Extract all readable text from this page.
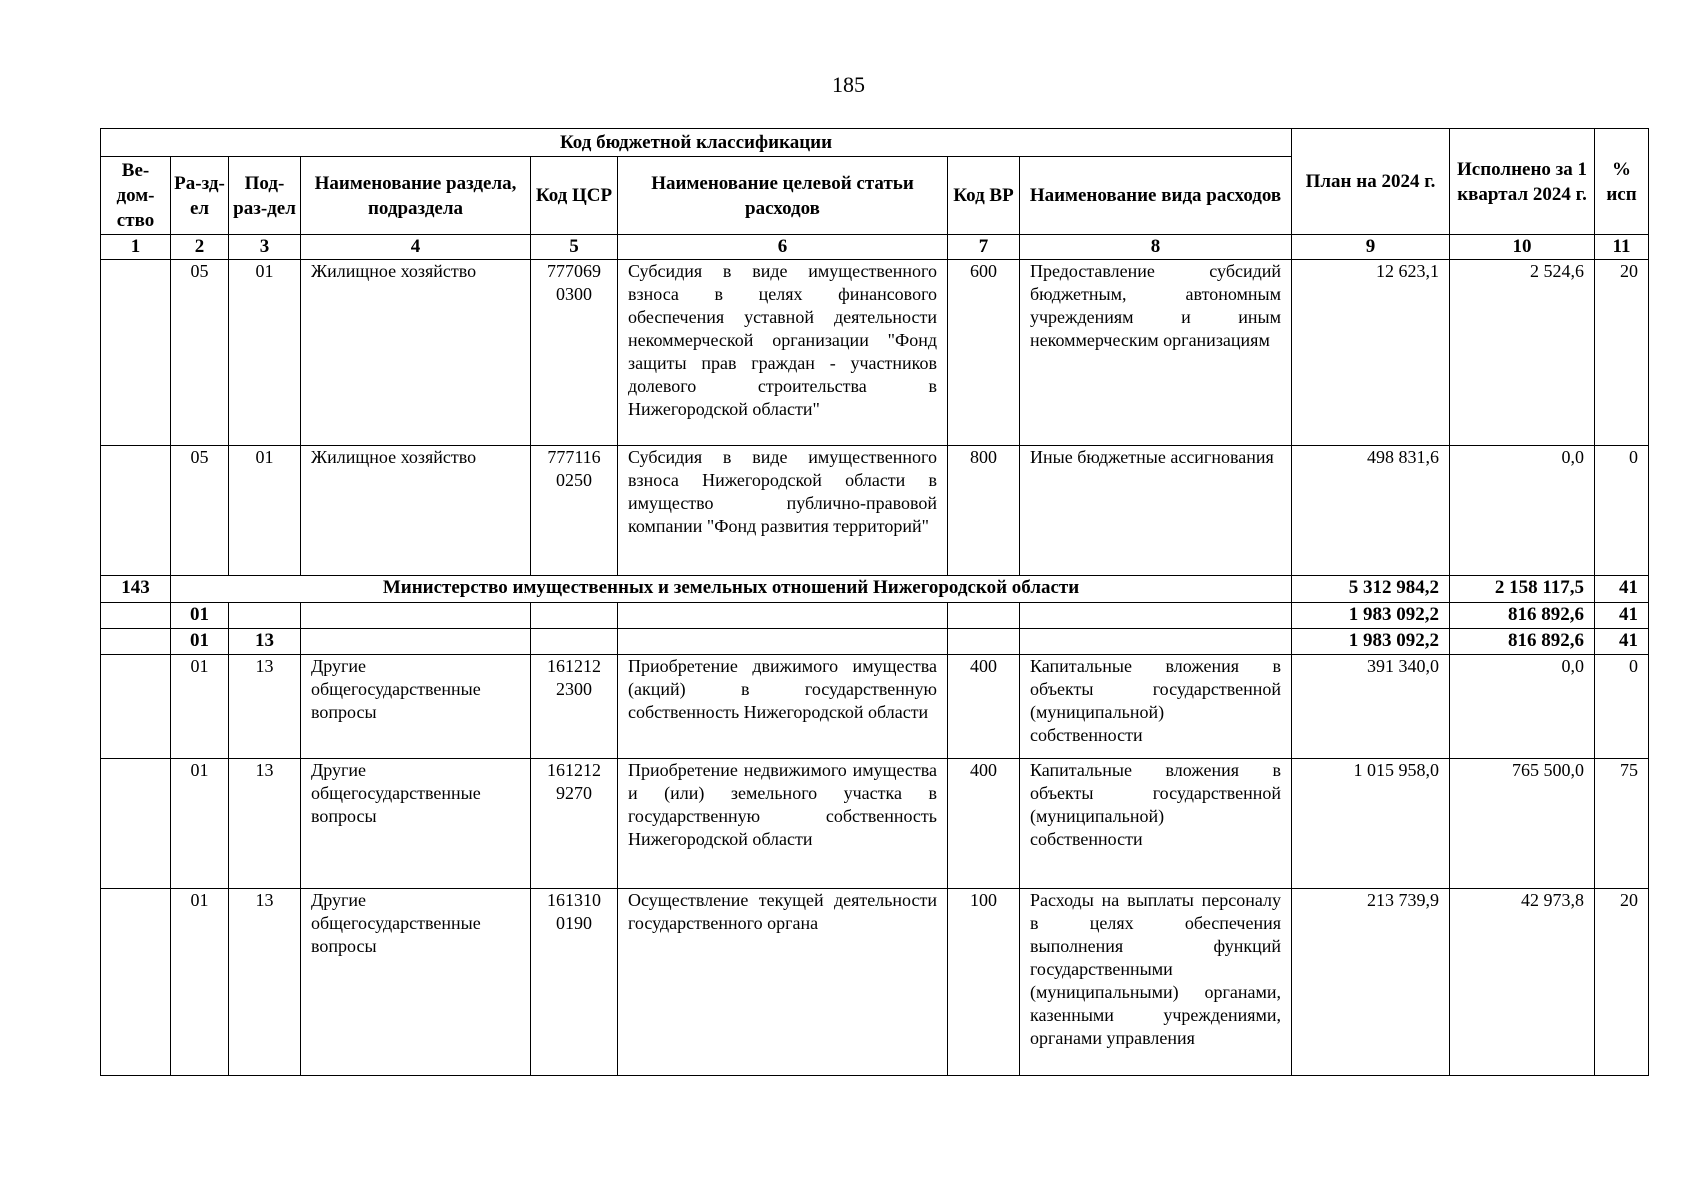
185
Код бюджетной классификации								План на 2024 г.	Исполнено за 1 квартал 2024 г.	% исп
Ве-дом-ство	Ра-зд-ел	Под-раз-дел	Наименование раздела, подраздела	Код ЦСР	Наименование целевой статьи расходов	Код ВР	Наименование вида расходов			
1	2	3	4	5	6	7	8	9	10	11
	05	01	Жилищное хозяйство	777069 0300	Субсидия в виде имущественного взноса в целях финансового обеспечения уставной деятельности некоммерческой организации "Фонд защиты прав граждан - участников долевого строительства в Нижегородской области"	600	Предоставление субсидий бюджетным, автономным учреждениям и иным некоммерческим организациям	12 623,1	2 524,6	20
	05	01	Жилищное хозяйство	777116 0250	Субсидия в виде имущественного взноса Нижегородской области в имущество публично-правовой компании "Фонд развития территорий"	800	Иные бюджетные ассигнования	498 831,6	0,0	0
143	Министерство имущественных и земельных отношений Нижегородской области							5 312 984,2	2 158 117,5	41
	01							1 983 092,2	816 892,6	41
	01	13						1 983 092,2	816 892,6	41
	01	13	Другие общегосударственные вопросы	161212 2300	Приобретение движимого имущества (акций) в государственную собственность Нижегородской области	400	Капитальные вложения в объекты государственной (муниципальной) собственности	391 340,0	0,0	0
	01	13	Другие общегосударственные вопросы	161212 9270	Приобретение недвижимого имущества и (или) земельного участка в государственную собственность Нижегородской области	400	Капитальные вложения в объекты государственной (муниципальной) собственности	1 015 958,0	765 500,0	75
	01	13	Другие общегосударственные вопросы	161310 0190	Осуществление текущей деятельности государственного органа	100	Расходы на выплаты персоналу в целях обеспечения выполнения функций государственными (муниципальными) органами, казенными учреждениями, органами управления	213 739,9	42 973,8	20
